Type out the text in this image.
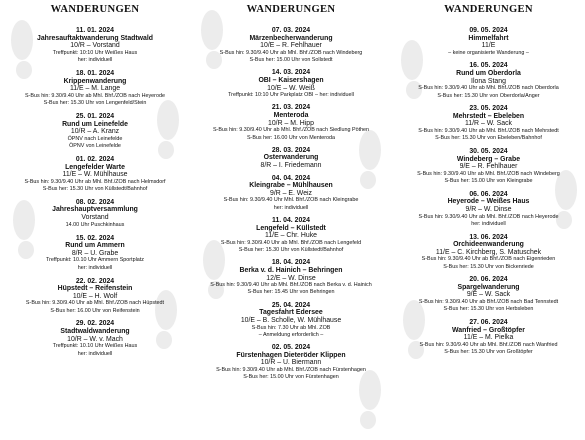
WANDERUNGEN
11. 01. 2024
Jahresauftaktwanderung Stadtwald
10/R – Vorstand
Treffpunkt: 10:10 Uhr Weißes Haus
her: individuell
18. 01. 2024
Krippenwanderung
11/E – M. Lange
S-Bus hin: 9.30/9.40 Uhr ab Mhl. Bhf./ZOB nach Heyerode
S-Bus her: 15.30 Uhr von Lengenfeld/Stein
25. 01. 2024
Rund um Leinefelde
10/R – A. Kranz
ÖPNV nach Leinefelde
ÖPNV von Leinefelde
01. 02. 2024
Lengefelder Warte
11/E – W. Mühlhause
S-Bus hin: 9.30/9.40 Uhr ab Mhl. Bhf./ZOB nach Helmsdorf
S-Bus her: 15.30 Uhr von Küllstedt/Bahnhof
08. 02. 2024
Jahreshauptversammlung
Vorstand
14.00 Uhr Puschkinhaus
15. 02. 2024
Rund um Ammern
8/R – U. Grabe
Treffpunkt: 10.10 Uhr Ammern Sportplatz
her: individuell
22. 02. 2024
Hüpstedt – Reifenstein
10/E – H. Wolf
S-Bus hin: 9.30/9.40 Uhr ab Mhl. Bhf./ZOB nach Hüpstedt
S-Bus her: 16.00 Uhr von Reifenstein
29. 02. 2024
Stadtwaldwanderung
10/R – W. v. Mach
Treffpunkt: 10.10 Uhr Weißes Haus
her: individuell
WANDERUNGEN
07. 03. 2024
Märzenbecherwanderung
10/E – R. Fehlhauer
S-Bus hin: 9.30/9.40 Uhr ab Mhl. Bhf./ZOB nach Windeberg
S-Bus her: 15.00 Uhr von Sollstedt
14. 03. 2024
OBI – Kaisershagen
10/E – W. Weiß
Treffpunkt: 10:10 Uhr Parkplatz OBI – her: individuell
21. 03. 2024
Menteroda
10/R – M. Hipp
S-Bus hin: 9.30/9.40 Uhr ab Mhl. Bhf./ZOB nach Siedlung Pöthen
S-Bus her: 16.00 Uhr von Menteroda
28. 03. 2024
Osterwanderung
8/R – I. Friedemann
04. 04. 2024
Kleingrabe – Mühlhausen
9/R – E. Weiz
S-Bus hin: 9.30/9.40 Uhr Mhl. Bhf./ZOB nach Kleingrabe
her: individuell
11. 04. 2024
Lengefeld – Küllstedt
11/E – Chr. Huke
S-Bus hin: 9.30/9.40 Uhr ab Mhl. Bhf./ZOB nach Lengefeld
S-Bus her: 15.30 Uhr von Küllstedt/Bahnhof
18. 04. 2024
Berka v. d. Hainich – Behringen
12/E – W. Dinse
S-Bus hin: 9.30/9.40 Uhr ab Mhl. Bhf./ZOB nach Berka v. d. Hainich
S-Bus her: 15.45 Uhr von Behringen
25. 04. 2024
Tagesfahrt Edersee
10/E – B. Scholle, W. Mühlhause
S-Bus hin: 7.30 Uhr ab Mhl. ZOB
– Anmeldung erforderlich –
02. 05. 2024
Fürstenhagen Dieteröder Klippen
10/R – U. Biermann
S-Bus hin: 9.30/9.40 Uhr ab Mhl. Bhf./ZOB nach Fürstenhagen
S-Bus her: 15.00 Uhr von Fürstenhagen
WANDERUNGEN
09. 05. 2024
Himmelfahrt
11/E
– keine organisierte Wanderung –
16. 05. 2024
Rund um Oberdorla
Ilona Stang
S-Bus hin: 9.30/9.40 Uhr ab Mhl. Bhf./ZOB nach Oberdorla
S-Bus her: 15.30 Uhr von Oberdorla/Anger
23. 05. 2024
Mehrstedt – Ebeleben
11/R – W. Sack
S-Bus hin: 9.30/9.40 Uhr ab Mhl. Bhf./ZOB nach Mehrstedt
S-Bus her: 15.30 Uhr von Ebeleben/Bahnhof
30. 05. 2024
Windeberg – Grabe
9/E – R. Fehlhauer
S-Bus hin: 9.30/9.40 Uhr ab Mhl. Bhf./ZOB nach Windeberg
S-Bus her: 15.00 Uhr von Kleingrabe
06. 06. 2024
Heyerode – Weißes Haus
9/R – W. Dinse
S-Bus hin: 9.30/9.40 Uhr ab Mhl. Bhf./ZOB nach Heyerode
her: individuell
13. 06. 2024
Orchideenwanderung
11/E – C. Kirchberg, S. Matuschek
S-Bus hin: 9.30/9.40 Uhr ab Bhf./ZOB nach Eigenrieden
S-Bus her: 15.30 Uhr von Bickenriede
20. 06. 2024
Spargelwanderung
9/E – W. Sack
S-Bus hin: 9.30/9.40 Uhr ab Bhf./ZOB nach Bad Tennstedt
S-Bus her: 15.30 Uhr von Herbsleben
27. 06. 2024
Wanfried – Großtöpfer
11/E – M. Pielka
S-Bus hin: 9.30/9.40 Uhr ab Mhl. Bhf./ZOB nach Wanfried
S-Bus her: 15.30 Uhr von Großtöpfer
